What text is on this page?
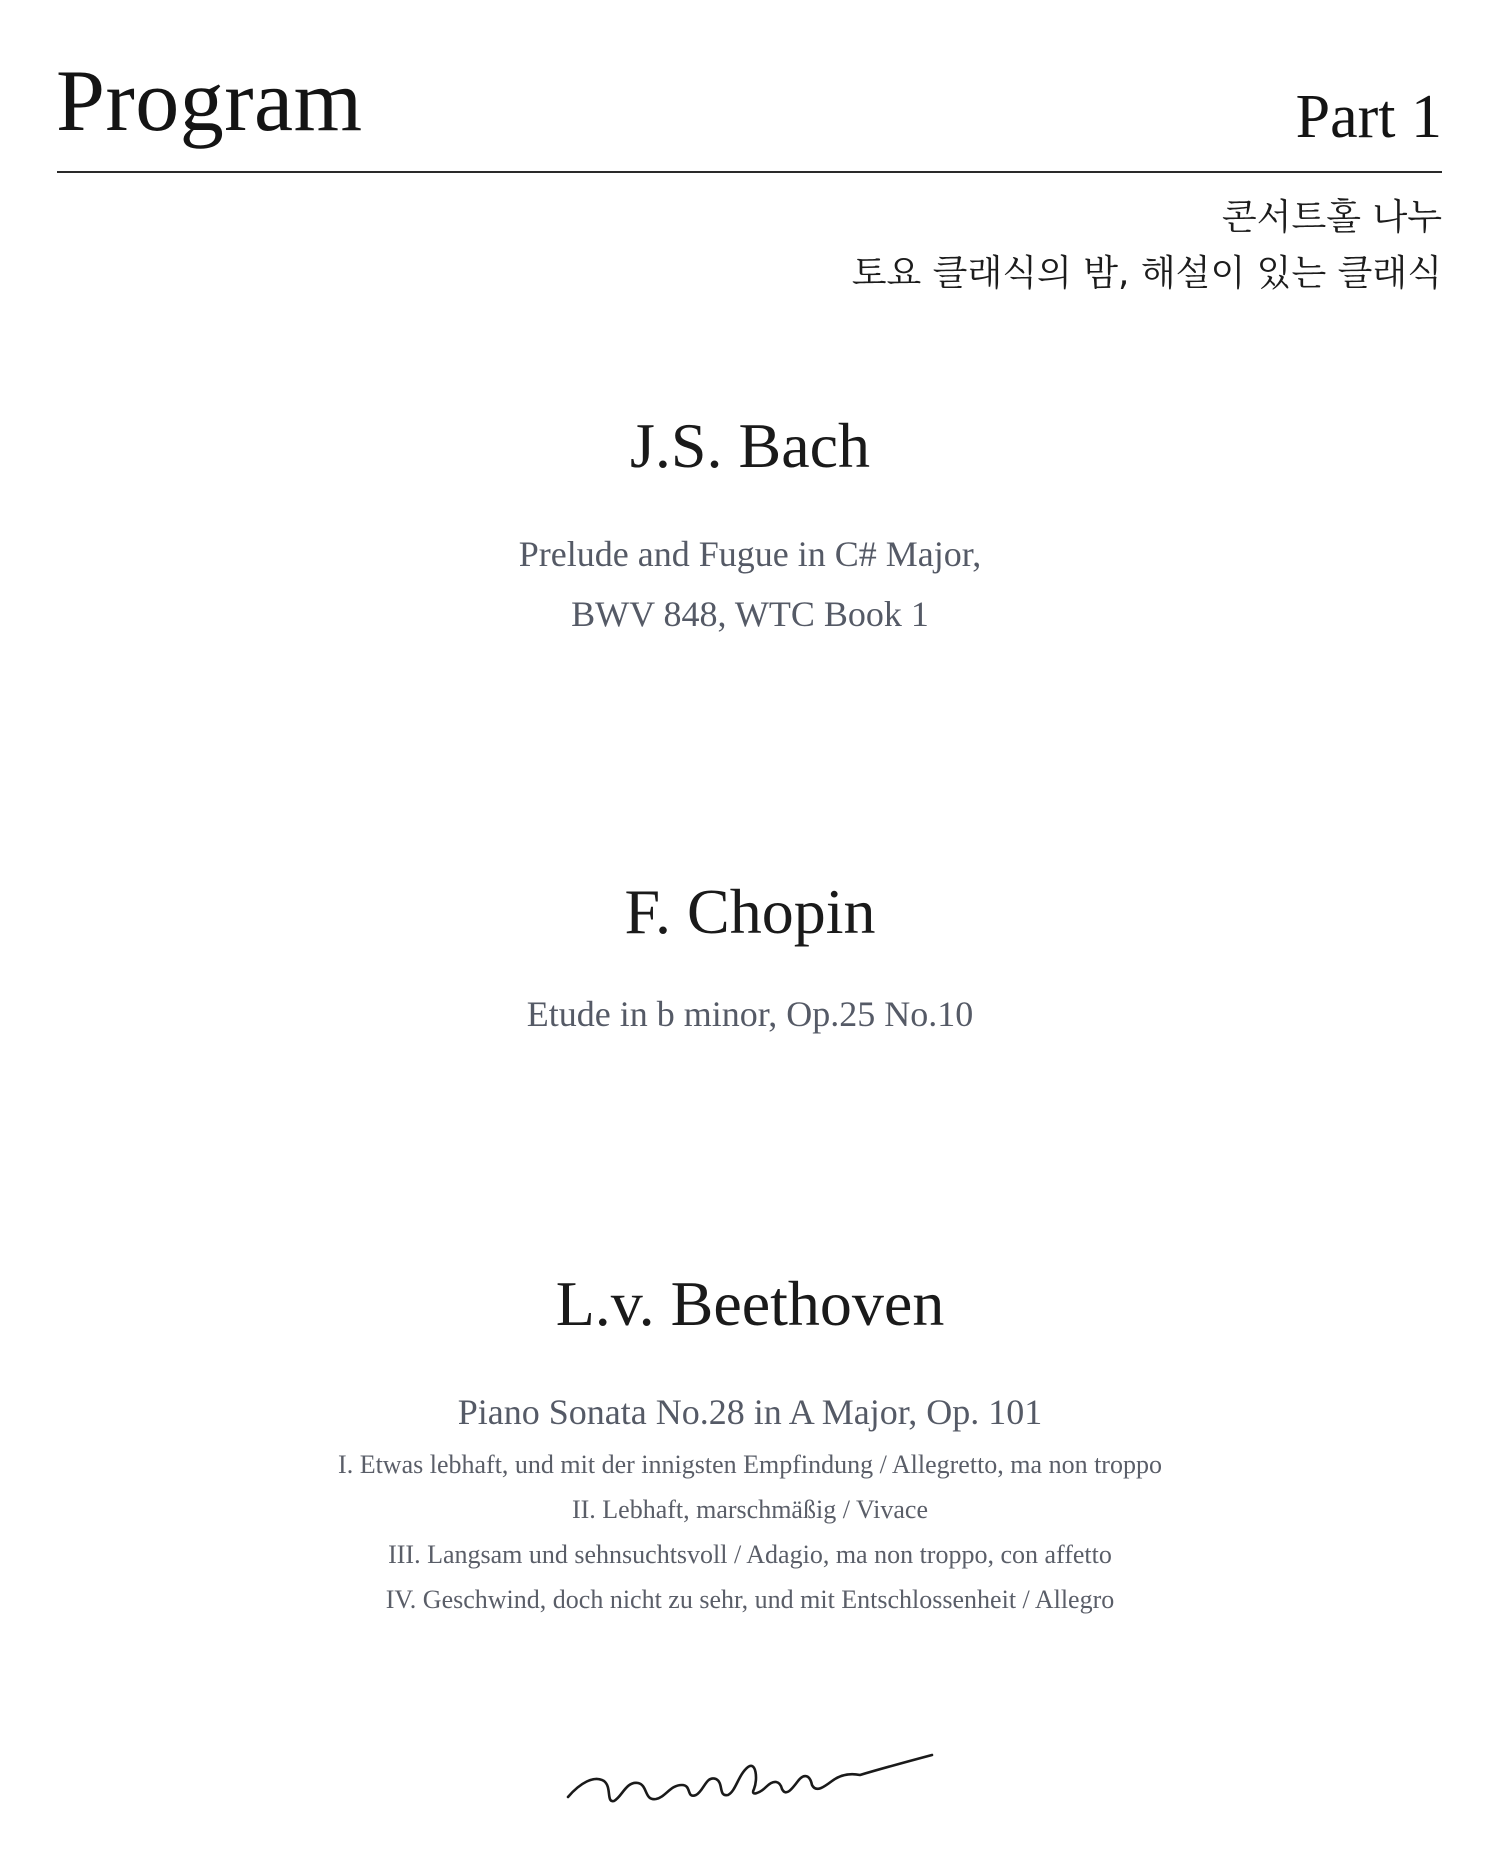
Program	Part 1
콘서트홀 나누
토요 클래식의 밤, 해설이 있는 클래식
J.S. Bach
Prelude and Fugue in C# Major,
BWV 848, WTC Book 1
F. Chopin
Etude in b minor, Op.25 No.10
L.v. Beethoven
Piano Sonata No.28 in A Major, Op. 101
I. Etwas lebhaft, und mit der innigsten Empfindung / Allegretto, ma non troppo
II. Lebhaft, marschmäßig / Vivace
III. Langsam und sehnsuchtsvoll / Adagio, ma non troppo, con affetto
IV. Geschwind, doch nicht zu sehr, und mit Entschlossenheit / Allegro
